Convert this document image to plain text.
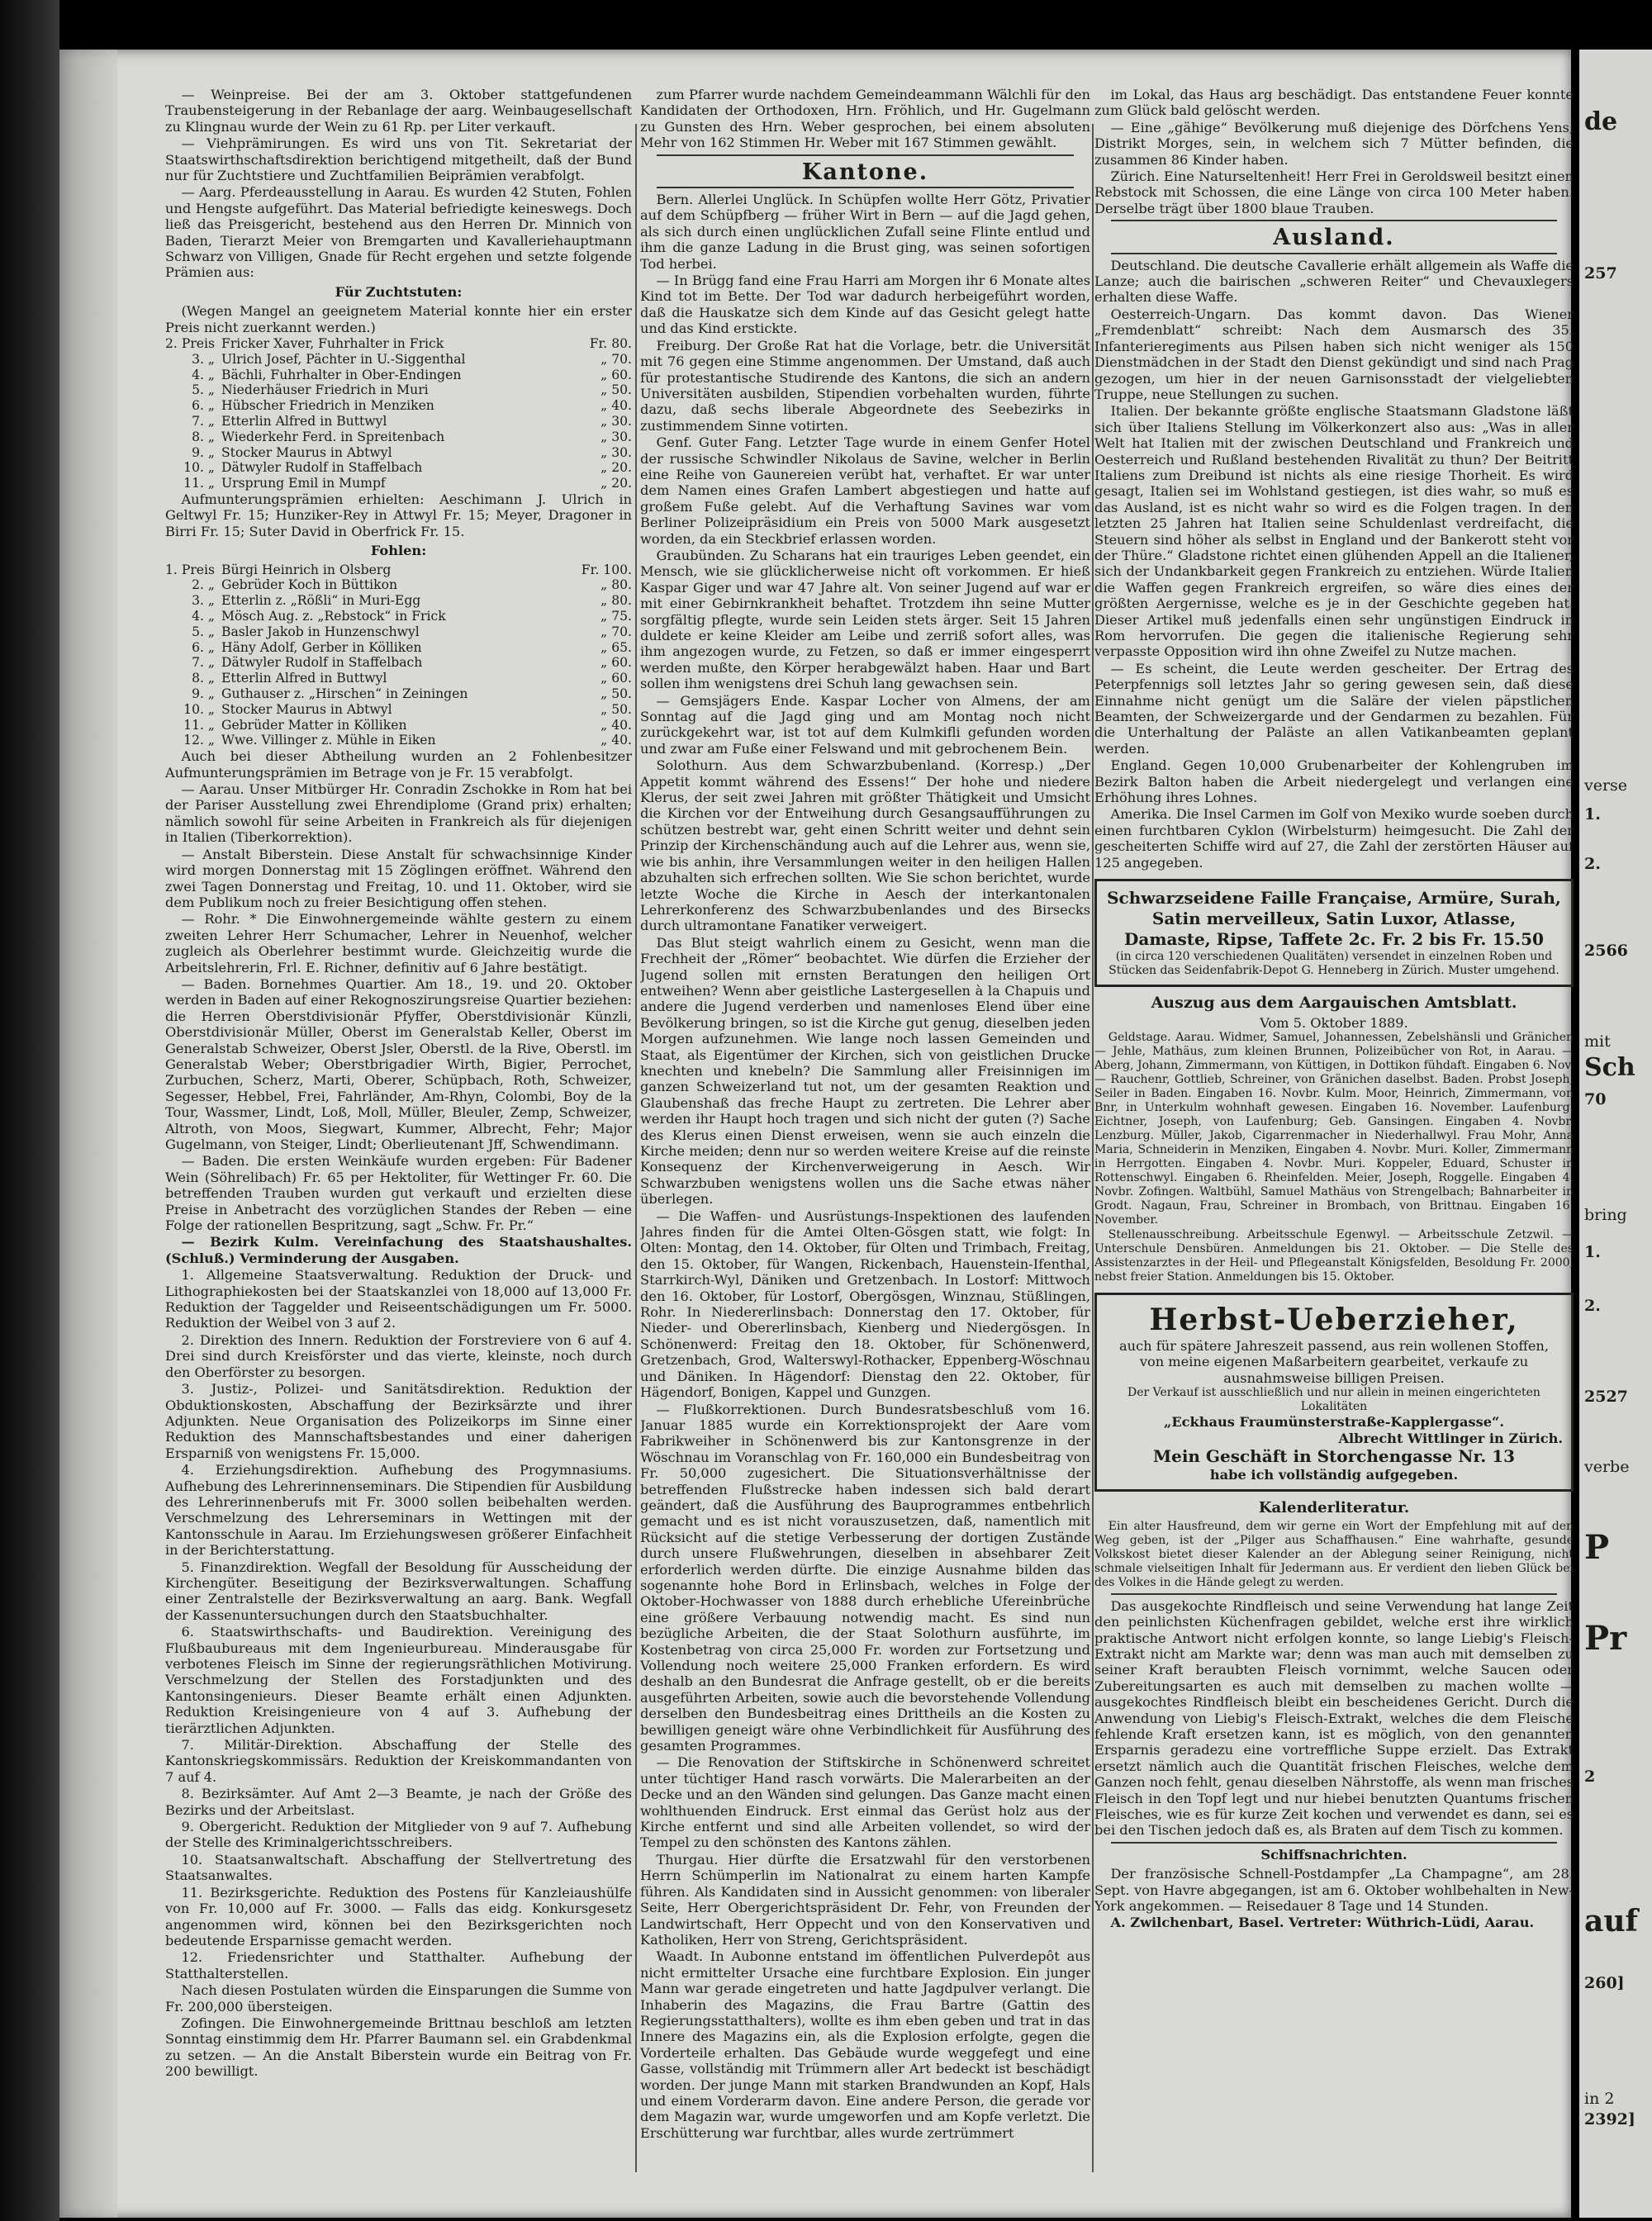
de
257
verse
1.
2.
2566
mit
Sch
70
bring
1.
2.
2527
verbe
P
Pr
2
auf
260]
in 2
2392]

— Weinpreise. Bei der am 3. Oktober stattgefundenen Traubensteigerung in der Rebanlage der aarg. Weinbaugesellschaft zu Klingnau wurde der Wein zu 61 Rp. per Liter verkauft.

— Viehprämirungen. Es wird uns von Tit. Sekretariat der Staatswirthschaftsdirektion berichtigend mitgetheilt, daß der Bund nur für Zuchtstiere und Zuchtfamilien Beiprämien verabfolgt.

— Aarg. Pferdeausstellung in Aarau. Es wurden 42 Stuten, Fohlen und Hengste aufgeführt. Das Material befriedigte keineswegs. Doch ließ das Preisgericht, bestehend aus den Herren Dr. Minnich von Baden, Tierarzt Meier von Bremgarten und Kavalleriehauptmann Schwarz von Villigen, Gnade für Recht ergehen und setzte folgende Prämien aus:

Für Zuchtstuten:

(Wegen Mangel an geeignetem Material konnte hier ein erster Preis nicht zuerkannt werden.)

2. Preis Fricker Xaver, Fuhrhalter in Frick	Fr. 80.
3. „ Ulrich Josef, Pächter in U.-Siggenthal	„ 70.
4. „ Bächli, Fuhrhalter in Ober-Endingen	„ 60.
5. „ Niederhäuser Friedrich in Muri	„ 50.
6. „ Hübscher Friedrich in Menziken	„ 40.
7. „ Etterlin Alfred in Buttwyl	„ 30.
8. „ Wiederkehr Ferd. in Spreitenbach	„ 30.
9. „ Stocker Maurus in Abtwyl	„ 30.
10. „ Dätwyler Rudolf in Staffelbach	„ 20.
11. „ Ursprung Emil in Mumpf	„ 20.

Aufmunterungsprämien erhielten: Aeschimann J. Ulrich in Geltwyl Fr. 15; Hunziker-Rey in Attwyl Fr. 15; Meyer, Dragoner in Birri Fr. 15; Suter David in Oberfrick Fr. 15.

Fohlen:
1. Preis Bürgi Heinrich in Olsberg	Fr. 100.
2. „ Gebrüder Koch in Büttikon	„ 80.
3. „ Etterlin z. „Rößli“ in Muri-Egg	„ 80.
4. „ Mösch Aug. z. „Rebstock“ in Frick	„ 75.
5. „ Basler Jakob in Hunzenschwyl	„ 70.
6. „ Häny Adolf, Gerber in Kölliken	„ 65.
7. „ Dätwyler Rudolf in Staffelbach	„ 60.
8. „ Etterlin Alfred in Buttwyl	„ 60.
9. „ Guthauser z. „Hirschen“ in Zeiningen	„ 50.
10. „ Stocker Maurus in Abtwyl	„ 50.
11. „ Gebrüder Matter in Kölliken	„ 40.
12. „ Wwe. Villinger z. Mühle in Eiken	„ 40.

Auch bei dieser Abtheilung wurden an 2 Fohlenbesitzer Aufmunterungsprämien im Betrage von je Fr. 15 verabfolgt.

— Aarau. Unser Mitbürger Hr. Conradin Zschokke in Rom hat bei der Pariser Ausstellung zwei Ehrendiplome (Grand prix) erhalten; nämlich sowohl für seine Arbeiten in Frankreich als für diejenigen in Italien (Tiberkorrektion).

— Anstalt Biberstein. Diese Anstalt für schwachsinnige Kinder wird morgen Donnerstag mit 15 Zöglingen eröffnet. Während den zwei Tagen Donnerstag und Freitag, 10. und 11. Oktober, wird sie dem Publikum noch zu freier Besichtigung offen stehen.

— Rohr. * Die Einwohnergemeinde wählte gestern zu einem zweiten Lehrer Herr Schumacher, Lehrer in Neuenhof, welcher zugleich als Oberlehrer bestimmt wurde. Gleichzeitig wurde die Arbeitslehrerin, Frl. E. Richner, definitiv auf 6 Jahre bestätigt.

— Baden. Bornehmes Quartier. Am 18., 19. und 20. Oktober werden in Baden auf einer Rekognoszirungsreise Quartier beziehen: die Herren Oberstdivisionär Pfyffer, Oberstdivisionär Künzli, Oberstdivisionär Müller, Oberst im Generalstab Keller, Oberst im Generalstab Schweizer, Oberst Jsler, Oberstl. de la Rive, Oberstl. im Generalstab Weber; Oberstbrigadier Wirth, Bigier, Perrochet, Zurbuchen, Scherz, Marti, Oberer, Schüpbach, Roth, Schweizer, Segesser, Hebbel, Frei, Fahrländer, Am-Rhyn, Colombi, Boy de la Tour, Wassmer, Lindt, Loß, Moll, Müller, Bleuler, Zemp, Schweizer, Altroth, von Moos, Siegwart, Kummer, Albrecht, Fehr; Major Gugelmann, von Steiger, Lindt; Oberlieutenant Jff, Schwendimann.

— Baden. Die ersten Weinkäufe wurden ergeben: Für Badener Wein (Söhrelibach) Fr. 65 per Hektoliter, für Wettinger Fr. 60. Die betreffenden Trauben wurden gut verkauft und erzielten diese Preise in Anbetracht des vorzüglichen Standes der Reben — eine Folge der rationellen Bespritzung, sagt „Schw. Fr. Pr.“

— Bezirk Kulm. Vereinfachung des Staatshaushaltes. (Schluß.) Verminderung der Ausgaben.

1. Allgemeine Staatsverwaltung. Reduktion der Druck- und Lithographiekosten bei der Staatskanzlei von 18,000 auf 13,000 Fr. Reduktion der Taggelder und Reiseentschädigungen um Fr. 5000. Reduktion der Weibel von 3 auf 2.

2. Direktion des Innern. Reduktion der Forstreviere von 6 auf 4. Drei sind durch Kreisförster und das vierte, kleinste, noch durch den Oberförster zu besorgen.

3. Justiz-, Polizei- und Sanitätsdirektion. Reduktion der Obduktionskosten, Abschaffung der Bezirksärzte und ihrer Adjunkten. Neue Organisation des Polizeikorps im Sinne einer Reduktion des Mannschaftsbestandes und einer daherigen Ersparniß von wenigstens Fr. 15,000.

4. Erziehungsdirektion. Aufhebung des Progymnasiums. Aufhebung des Lehrerinnenseminars. Die Stipendien für Ausbildung des Lehrerinnenberufs mit Fr. 3000 sollen beibehalten werden. Verschmelzung des Lehrerseminars in Wettingen mit der Kantonsschule in Aarau. Im Erziehungswesen größerer Einfachheit in der Berichterstattung.

5. Finanzdirektion. Wegfall der Besoldung für Ausscheidung der Kirchengüter. Beseitigung der Bezirksverwaltungen. Schaffung einer Zentralstelle der Bezirksverwaltung an aarg. Bank. Wegfall der Kassenuntersuchungen durch den Staatsbuchhalter.

6. Staatswirthschafts- und Baudirektion. Vereinigung des Flußbaubureaus mit dem Ingenieurbureau. Minderausgabe für verbotenes Fleisch im Sinne der regierungsräthlichen Motivirung. Verschmelzung der Stellen des Forstadjunkten und des Kantonsingenieurs. Dieser Beamte erhält einen Adjunkten. Reduktion Kreisingenieure von 4 auf 3. Aufhebung der tierärztlichen Adjunkten.

7. Militär-Direktion. Abschaffung der Stelle des Kantonskriegskommissärs. Reduktion der Kreiskommandanten von 7 auf 4.

8. Bezirksämter. Auf Amt 2—3 Beamte, je nach der Größe des Bezirks und der Arbeitslast.

9. Obergericht. Reduktion der Mitglieder von 9 auf 7. Aufhebung der Stelle des Kriminalgerichtsschreibers.

10. Staatsanwaltschaft. Abschaffung der Stellvertretung des Staatsanwaltes.

11. Bezirksgerichte. Reduktion des Postens für Kanzleiaushülfe von Fr. 10,000 auf Fr. 3000. — Falls das eidg. Konkursgesetz angenommen wird, können bei den Bezirksgerichten noch bedeutende Ersparnisse gemacht werden.

12. Friedensrichter und Statthalter. Aufhebung der Statthalterstellen.

Nach diesen Postulaten würden die Einsparungen die Summe von Fr. 200,000 übersteigen.

Zofingen. Die Einwohnergemeinde Brittnau beschloß am letzten Sonntag einstimmig dem Hr. Pfarrer Baumann sel. ein Grabdenkmal zu setzen. — An die Anstalt Biberstein wurde ein Beitrag von Fr. 200 bewilligt.

zum Pfarrer wurde nachdem Gemeindeammann Wälchli für den Kandidaten der Orthodoxen, Hrn. Fröhlich, und Hr. Gugelmann zu Gunsten des Hrn. Weber gesprochen, bei einem absoluten Mehr von 162 Stimmen Hr. Weber mit 167 Stimmen gewählt.

Kantone.

Bern. Allerlei Unglück. In Schüpfen wollte Herr Götz, Privatier auf dem Schüpfberg — früher Wirt in Bern — auf die Jagd gehen, als sich durch einen unglücklichen Zufall seine Flinte entlud und ihm die ganze Ladung in die Brust ging, was seinen sofortigen Tod herbei.

— In Brügg fand eine Frau Harri am Morgen ihr 6 Monate altes Kind tot im Bette. Der Tod war dadurch herbeigeführt worden, daß die Hauskatze sich dem Kinde auf das Gesicht gelegt hatte und das Kind erstickte.

Freiburg. Der Große Rat hat die Vorlage, betr. die Universität mit 76 gegen eine Stimme angenommen. Der Umstand, daß auch für protestantische Studirende des Kantons, die sich an andern Universitäten ausbilden, Stipendien vorbehalten wurden, führte dazu, daß sechs liberale Abgeordnete des Seebezirks in zustimmendem Sinne votirten.

Genf. Guter Fang. Letzter Tage wurde in einem Genfer Hotel der russische Schwindler Nikolaus de Savine, welcher in Berlin eine Reihe von Gaunereien verübt hat, verhaftet. Er war unter dem Namen eines Grafen Lambert abgestiegen und hatte auf großem Fuße gelebt. Auf die Verhaftung Savines war vom Berliner Polizeipräsidium ein Preis von 5000 Mark ausgesetzt worden, da ein Steckbrief erlassen worden.

Graubünden. Zu Scharans hat ein trauriges Leben geendet, ein Mensch, wie sie glücklicherweise nicht oft vorkommen. Er hieß Kaspar Giger und war 47 Jahre alt. Von seiner Jugend auf war er mit einer Gebirnkrankheit behaftet. Trotzdem ihn seine Mutter sorgfältig pflegte, wurde sein Leiden stets ärger. Seit 15 Jahren duldete er keine Kleider am Leibe und zerriß sofort alles, was ihm angezogen wurde, zu Fetzen, so daß er immer eingesperrt werden mußte, den Körper herabgewälzt haben. Haar und Bart sollen ihm wenigstens drei Schuh lang gewachsen sein.

— Gemsjägers Ende. Kaspar Locher von Almens, der am Sonntag auf die Jagd ging und am Montag noch nicht zurückgekehrt war, ist tot auf dem Kulmkifli gefunden worden und zwar am Fuße einer Felswand und mit gebrochenem Bein.

Solothurn. Aus dem Schwarzbubenland. (Korresp.) „Der Appetit kommt während des Essens!“ Der hohe und niedere Klerus, der seit zwei Jahren mit größter Thätigkeit und Umsicht die Kirchen vor der Entweihung durch Gesangsaufführungen zu schützen bestrebt war, geht einen Schritt weiter und dehnt sein Prinzip der Kirchenschändung auch auf die Lehrer aus, wenn sie, wie bis anhin, ihre Versammlungen weiter in den heiligen Hallen abzuhalten sich erfrechen sollten. Wie Sie schon berichtet, wurde letzte Woche die Kirche in Aesch der interkantonalen Lehrerkonferenz des Schwarzbubenlandes und des Birsecks durch ultramontane Fanatiker verweigert.

Das Blut steigt wahrlich einem zu Gesicht, wenn man die Frechheit der „Römer“ beobachtet. Wie dürfen die Erzieher der Jugend sollen mit ernsten Beratungen den heiligen Ort entweihen? Wenn aber geistliche Lastergesellen à la Chapuis und andere die Jugend verderben und namenloses Elend über eine Bevölkerung bringen, so ist die Kirche gut genug, dieselben jeden Morgen aufzunehmen. Wie lange noch lassen Gemeinden und Staat, als Eigentümer der Kirchen, sich von geistlichen Drucke knechten und knebeln? Die Sammlung aller Freisinnigen im ganzen Schweizerland tut not, um der gesamten Reaktion und Glaubenshaß das freche Haupt zu zertreten. Die Lehrer aber werden ihr Haupt hoch tragen und sich nicht der guten (?) Sache des Klerus einen Dienst erweisen, wenn sie auch einzeln die Kirche meiden; denn nur so werden weitere Kreise auf die reinste Konsequenz der Kirchenverweigerung in Aesch. Wir Schwarzbuben wenigstens wollen uns die Sache etwas näher überlegen.

— Die Waffen- und Ausrüstungs-Inspektionen des laufenden Jahres finden für die Amtei Olten-Gösgen statt, wie folgt: In Olten: Montag, den 14. Oktober, für Olten und Trimbach, Freitag, den 15. Oktober, für Wangen, Rickenbach, Hauenstein-Ifenthal, Starrkirch-Wyl, Däniken und Gretzenbach. In Lostorf: Mittwoch den 16. Oktober, für Lostorf, Obergösgen, Winznau, Stüßlingen, Rohr. In Niedererlinsbach: Donnerstag den 17. Oktober, für Nieder- und Obererlinsbach, Kienberg und Niedergösgen. In Schönenwerd: Freitag den 18. Oktober, für Schönenwerd, Gretzenbach, Grod, Walterswyl-Rothacker, Eppenberg-Wöschnau und Däniken. In Hägendorf: Dienstag den 22. Oktober, für Hägendorf, Bonigen, Kappel und Gunzgen.

— Flußkorrektionen. Durch Bundesratsbeschluß vom 16. Januar 1885 wurde ein Korrektionsprojekt der Aare vom Fabrikweiher in Schönenwerd bis zur Kantonsgrenze in der Wöschnau im Voranschlag von Fr. 160,000 ein Bundesbeitrag von Fr. 50,000 zugesichert. Die Situationsverhältnisse der betreffenden Flußstrecke haben indessen sich bald derart geändert, daß die Ausführung des Bauprogrammes entbehrlich gemacht und es ist nicht vorauszusetzen, daß, namentlich mit Rücksicht auf die stetige Verbesserung der dortigen Zustände durch unsere Flußwehrungen, dieselben in absehbarer Zeit erforderlich werden dürfte. Die einzige Ausnahme bilden das sogenannte hohe Bord in Erlinsbach, welches in Folge der Oktober-Hochwasser von 1888 durch erhebliche Ufereinbrüche eine größere Verbauung notwendig macht. Es sind nun bezügliche Arbeiten, die der Staat Solothurn ausführte, im Kostenbetrag von circa 25,000 Fr. worden zur Fortsetzung und Vollendung noch weitere 25,000 Franken erfordern. Es wird deshalb an den Bundesrat die Anfrage gestellt, ob er die bereits ausgeführten Arbeiten, sowie auch die bevorstehende Vollendung derselben den Bundesbeitrag eines Drittheils an die Kosten zu bewilligen geneigt wäre ohne Verbindlichkeit für Ausführung des gesamten Programmes.

— Die Renovation der Stiftskirche in Schönenwerd schreitet unter tüchtiger Hand rasch vorwärts. Die Malerarbeiten an der Decke und an den Wänden sind gelungen. Das Ganze macht einen wohlthuenden Eindruck. Erst einmal das Gerüst holz aus der Kirche entfernt und sind alle Arbeiten vollendet, so wird der Tempel zu den schönsten des Kantons zählen.

Thurgau. Hier dürfte die Ersatzwahl für den verstorbenen Herrn Schümperlin im Nationalrat zu einem harten Kampfe führen. Als Kandidaten sind in Aussicht genommen: von liberaler Seite, Herr Obergerichtspräsident Dr. Fehr, von Freunden der Landwirtschaft, Herr Oppecht und von den Konservativen und Katholiken, Herr von Streng, Gerichtspräsident.

Waadt. In Aubonne entstand im öffentlichen Pulverdepôt aus nicht ermittelter Ursache eine furchtbare Explosion. Ein junger Mann war gerade eingetreten und hatte Jagdpulver verlangt. Die Inhaberin des Magazins, die Frau Bartre (Gattin des Regierungsstatthalters), wollte es ihm eben geben und trat in das Innere des Magazins ein, als die Explosion erfolgte, gegen die Vorderteile erhalten. Das Gebäude wurde weggefegt und eine Gasse, vollständig mit Trümmern aller Art bedeckt ist beschädigt worden. Der junge Mann mit starken Brandwunden an Kopf, Hals und einem Vorderarm davon. Eine andere Person, die gerade vor dem Magazin war, wurde umgeworfen und am Kopfe verletzt. Die Erschütterung war furchtbar, alles wurde zertrümmert

im Lokal, das Haus arg beschädigt. Das entstandene Feuer konnte zum Glück bald gelöscht werden.

— Eine „gähige“ Bevölkerung muß diejenige des Dörfchens Yens, Distrikt Morges, sein, in welchem sich 7 Mütter befinden, die zusammen 86 Kinder haben.

Zürich. Eine Naturseltenheit! Herr Frei in Geroldsweil besitzt einen Rebstock mit Schossen, die eine Länge von circa 100 Meter haben. Derselbe trägt über 1800 blaue Trauben.

Ausland.

Deutschland. Die deutsche Cavallerie erhält allgemein als Waffe die Lanze; auch die bairischen „schweren Reiter“ und Chevauxlegers erhalten diese Waffe.

Oesterreich-Ungarn. Das kommt davon. Das Wiener „Fremdenblatt“ schreibt: Nach dem Ausmarsch des 35. Infanterieregiments aus Pilsen haben sich nicht weniger als 150 Dienstmädchen in der Stadt den Dienst gekündigt und sind nach Prag gezogen, um hier in der neuen Garnisonsstadt der vielgeliebten Truppe, neue Stellungen zu suchen.

Italien. Der bekannte größte englische Staatsmann Gladstone läßt sich über Italiens Stellung im Völkerkonzert also aus: „Was in aller Welt hat Italien mit der zwischen Deutschland und Frankreich und Oesterreich und Rußland bestehenden Rivalität zu thun? Der Beitritt Italiens zum Dreibund ist nichts als eine riesige Thorheit. Es wird gesagt, Italien sei im Wohlstand gestiegen, ist dies wahr, so muß es das Ausland, ist es nicht wahr so wird es die Folgen tragen. In den letzten 25 Jahren hat Italien seine Schuldenlast verdreifacht, die Steuern sind höher als selbst in England und der Bankerott steht vor der Thüre.“ Gladstone richtet einen glühenden Appell an die Italiener, sich der Undankbarkeit gegen Frankreich zu entziehen. Würde Italien die Waffen gegen Frankreich ergreifen, so wäre dies eines der größten Aergernisse, welche es je in der Geschichte gegeben hat. Dieser Artikel muß jedenfalls einen sehr ungünstigen Eindruck in Rom hervorrufen. Die gegen die italienische Regierung sehr verpasste Opposition wird ihn ohne Zweifel zu Nutze machen.

— Es scheint, die Leute werden gescheiter. Der Ertrag des Peterpfennigs soll letztes Jahr so gering gewesen sein, daß diese Einnahme nicht genügt um die Saläre der vielen päpstlichen Beamten, der Schweizergarde und der Gendarmen zu bezahlen. Für die Unterhaltung der Paläste an allen Vatikanbeamten geplant werden.

England. Gegen 10,000 Grubenarbeiter der Kohlengruben im Bezirk Balton haben die Arbeit niedergelegt und verlangen eine Erhöhung ihres Lohnes.

Amerika. Die Insel Carmen im Golf von Mexiko wurde soeben durch einen furchtbaren Cyklon (Wirbelsturm) heimgesucht. Die Zahl der gescheiterten Schiffe wird auf 27, die Zahl der zerstörten Häuser auf 125 angegeben.

Schwarzseidene Faille Française, Armüre, Surah,
Satin merveilleux, Satin Luxor, Atlasse,
Damaste, Ripse, Taffete 2c. Fr. 2 bis Fr. 15.50
(in circa 120 verschiedenen Qualitäten) versendet in einzelnen Roben und Stücken das Seidenfabrik-Depot G. Henneberg in Zürich. Muster umgehend.
Auszug aus dem Aargauischen Amtsblatt.
Vom 5. Oktober 1889.

Geldstage. Aarau. Widmer, Samuel, Johannessen, Zebelshänsli und Gränichen — Jehle, Mathäus, zum kleinen Brunnen, Polizeibücher von Rot, in Aarau. — Aberg, Johann, Zimmermann, von Küttigen, in Dottikon fühdaft. Eingaben 6. Nov. — Rauchenr, Gottlieb, Schreiner, von Gränichen daselbst. Baden. Probst Joseph, Seiler in Baden. Eingaben 16. Novbr. Kulm. Moor, Heinrich, Zimmermann, von Bnr, in Unterkulm wohnhaft gewesen. Eingaben 16. November. Laufenburg. Eichtner, Joseph, von Laufenburg; Geb. Gansingen. Eingaben 4. Novbr. Lenzburg. Müller, Jakob, Cigarrenmacher in Niederhallwyl. Frau Mohr, Anna Maria, Schneiderin in Menziken, Eingaben 4. Novbr. Muri. Koller, Zimmermann in Herrgotten. Eingaben 4. Novbr. Muri. Koppeler, Eduard, Schuster in Rottenschwyl. Eingaben 6. Rheinfelden. Meier, Joseph, Roggelle. Eingaben 4. Novbr. Zofingen. Waltbühl, Samuel Mathäus von Strengelbach; Bahnarbeiter in Grodt. Nagaun, Frau, Schreiner in Brombach, von Brittnau. Eingaben 16. November.

Stellenausschreibung. Arbeitsschule Egenwyl. — Arbeitsschule Zetzwil. — Unterschule Densbüren. Anmeldungen bis 21. Oktober. — Die Stelle des Assistenzarztes in der Heil- und Pflegeanstalt Königsfelden, Besoldung Fr. 2000, nebst freier Station. Anmeldungen bis 15. Oktober.

Herbst-Ueberzieher,
auch für spätere Jahreszeit passend, aus rein wollenen Stoffen, von meine eigenen Maßarbeitern gearbeitet, verkaufe zu ausnahmsweise billigen Preisen.
Der Verkauf ist ausschließlich und nur allein in meinen eingerichteten Lokalitäten
„Eckhaus Fraumünsterstraße-Kapplergasse“.
Albrecht Wittlinger in Zürich.
Mein Geschäft in Storchengasse Nr. 13
habe ich vollständig aufgegeben.
Kalenderliteratur.

Ein alter Hausfreund, dem wir gerne ein Wort der Empfehlung mit auf den Weg geben, ist der „Pilger aus Schaffhausen.“ Eine wahrhafte, gesunde Volkskost bietet dieser Kalender an der Ablegung seiner Reinigung, nicht schmale vielseitigen Inhalt für Jedermann aus. Er verdient den lieben Glück bei des Volkes in die Hände gelegt zu werden.

Das ausgekochte Rindfleisch und seine Verwendung hat lange Zeit den peinlichsten Küchenfragen gebildet, welche erst ihre wirklich praktische Antwort nicht erfolgen konnte, so lange Liebig's Fleisch-Extrakt nicht am Markte war; denn was man auch mit demselben zu seiner Kraft beraubten Fleisch vornimmt, welche Saucen oder Zubereitungsarten es auch mit demselben zu machen wollte — ausgekochtes Rindfleisch bleibt ein bescheidenes Gericht. Durch die Anwendung von Liebig's Fleisch-Extrakt, welches die dem Fleische fehlende Kraft ersetzen kann, ist es möglich, von den genannten Ersparnis geradezu eine vortreffliche Suppe erzielt. Das Extrakt ersetzt nämlich auch die Quantität frischen Fleisches, welche dem Ganzen noch fehlt, genau dieselben Nährstoffe, als wenn man frisches Fleisch in den Topf legt und nur hiebei benutzten Quantums frischen Fleisches, wie es für kurze Zeit kochen und verwendet es dann, sei es bei den Tischen jedoch daß es, als Braten auf dem Tisch zu kommen.

Schiffsnachrichten.

Der französische Schnell-Postdampfer „La Champagne“, am 28. Sept. von Havre abgegangen, ist am 6. Oktober wohlbehalten in New-York angekommen. — Reisedauer 8 Tage und 14 Stunden.

A. Zwilchenbart, Basel. Vertreter: Wüthrich-Lüdi, Aarau.
